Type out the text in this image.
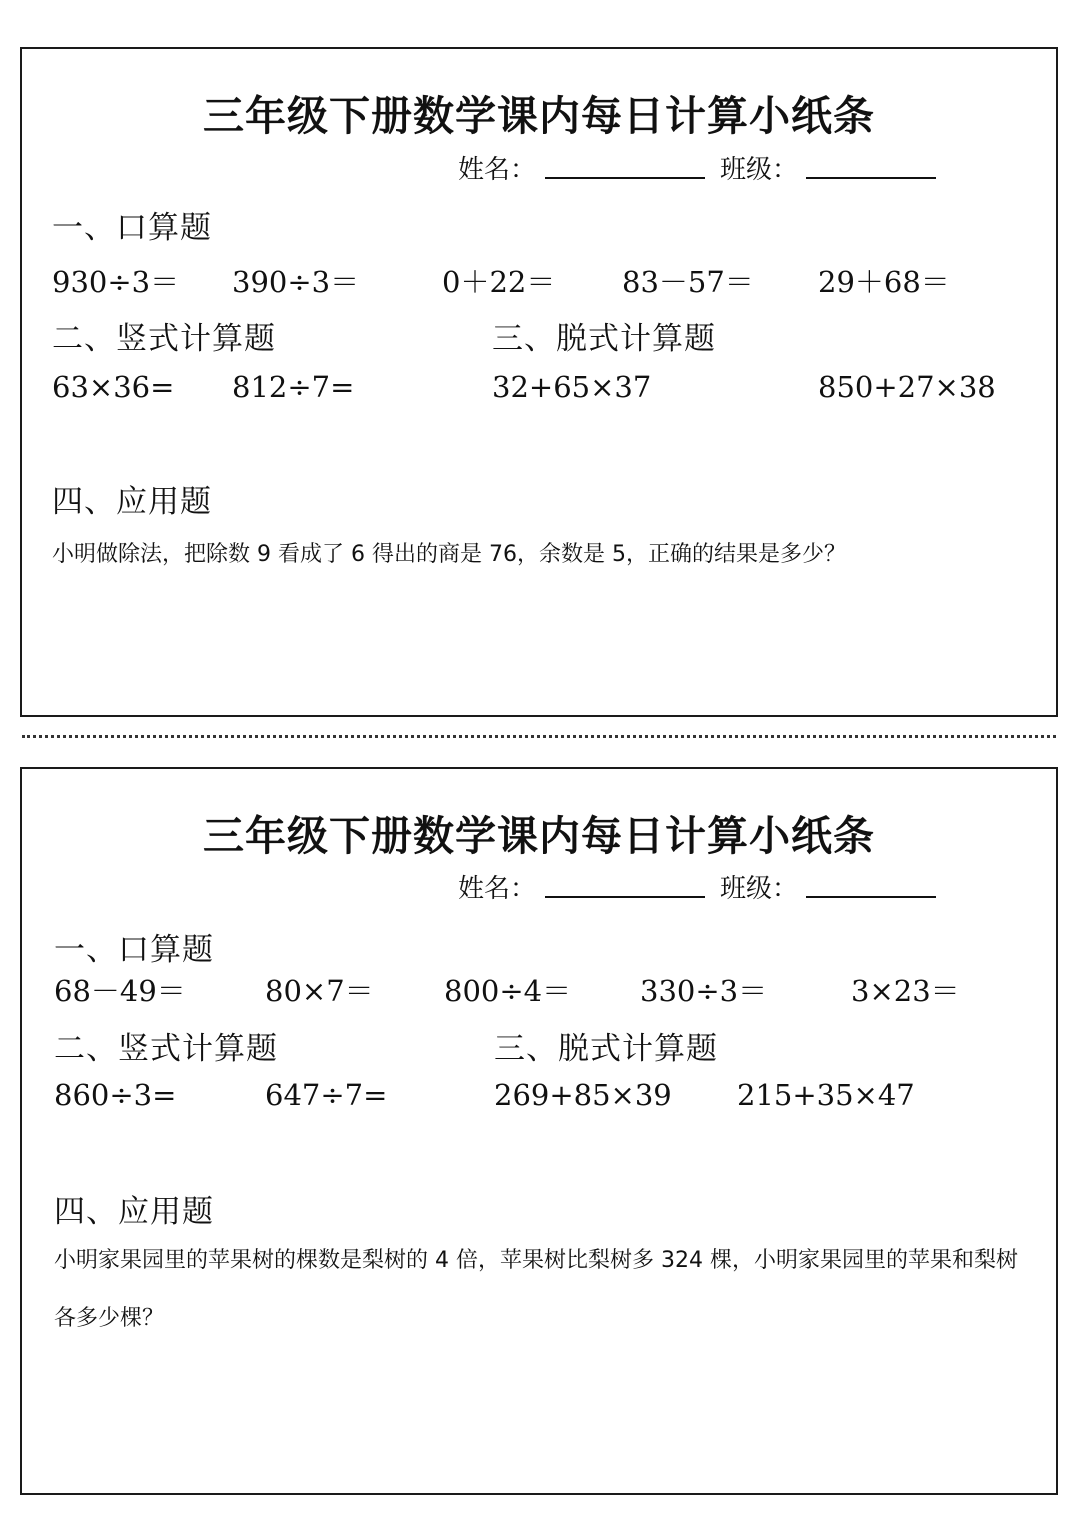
三年级下册数学课内每日计算小纸条
姓名：	班级：
一、口算题
930÷3＝ 390÷3＝	0＋22＝ 83－57＝ 29＋68＝
二、竖式计算题	三、脱式计算题
63×36= 812÷7=	32+65×37	850+27×38
四、应用题
小明做除法，把除数 9 看成了 6 得出的商是 76，余数是 5，正确的结果是多少？
三年级下册数学课内每日计算小纸条
姓名：	班级：
一、口算题
68－49＝	80×7＝ 800÷4＝ 330÷3＝	3×23＝
二、竖式计算题	三、脱式计算题
860÷3=	647÷7=	269+85×39 215+35×47
四、应用题
小明家果园里的苹果树的棵数是梨树的 4 倍，苹果树比梨树多 324 棵，小明家果园里的苹果和梨树各多少棵？
